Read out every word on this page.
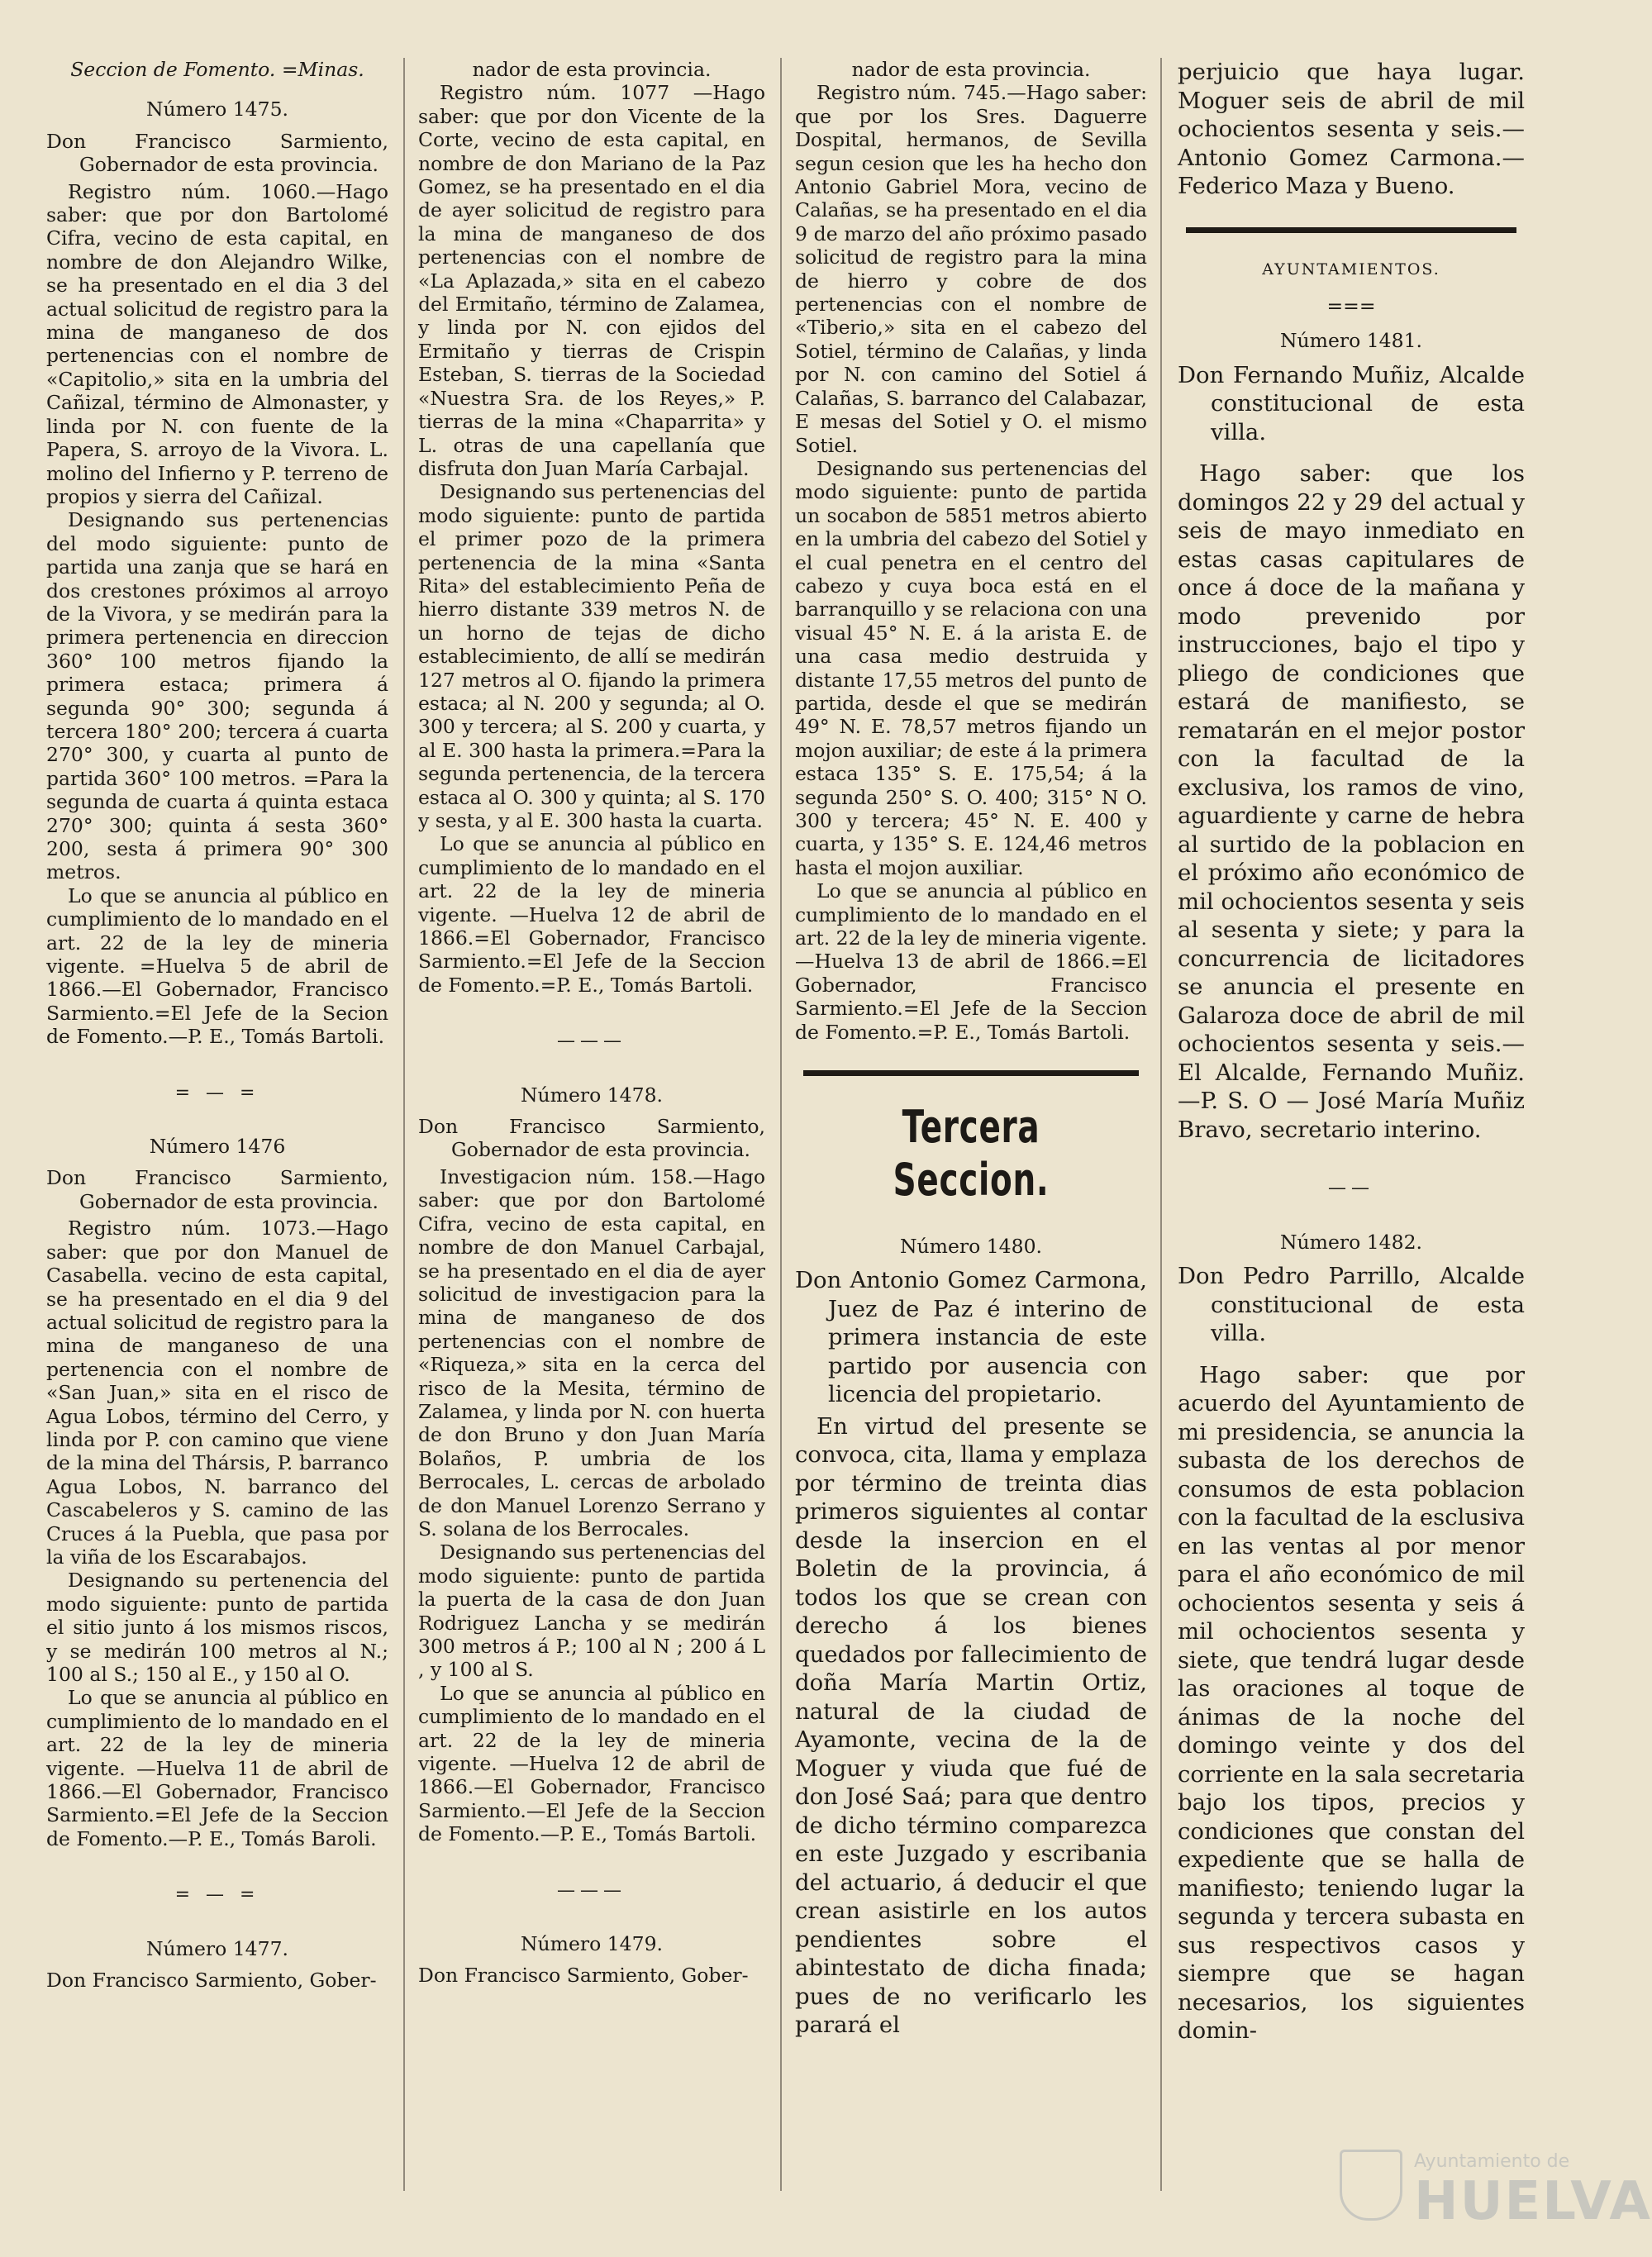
Seccion de Fomento. =Minas.
Número 1475.

Don Francisco Sarmiento, Gobernador de esta provincia.

Registro núm. 1060.—Hago saber: que por don Bartolomé Cifra, vecino de esta capital, en nombre de don Alejandro Wilke, se ha presentado en el dia 3 del actual solicitud de registro para la mina de manganeso de dos pertenencias con el nombre de «Capitolio,» sita en la umbria del Cañizal, término de Almonaster, y linda por N. con fuente de la Papera, S. arroyo de la Vivora. L. molino del Infierno y P. terreno de propios y sierra del Cañizal.

Designando sus pertenencias del modo siguiente: punto de partida una zanja que se hará en dos crestones próximos al arroyo de la Vivora, y se medirán para la primera pertenencia en direccion 360° 100 metros fijando la primera estaca; primera á segunda 90° 300; segunda á tercera 180° 200; tercera á cuarta 270° 300, y cuarta al punto de partida 360° 100 metros. =Para la segunda de cuarta á quinta estaca 270° 300; quinta á sesta 360° 200, sesta á primera 90° 300 metros.

Lo que se anuncia al público en cumplimiento de lo mandado en el art. 22 de la ley de mineria vigente. =Huelva 5 de abril de 1866.—El Gobernador, Francisco Sarmiento.=El Jefe de la Secion de Fomento.—P. E., Tomás Bartoli.

= — =
Número 1476

Don Francisco Sarmiento, Gobernador de esta provincia.

Registro núm. 1073.—Hago saber: que por don Manuel de Casabella. vecino de esta capital, se ha presentado en el dia 9 del actual solicitud de registro para la mina de manganeso de una pertenencia con el nombre de «San Juan,» sita en el risco de Agua Lobos, término del Cerro, y linda por P. con camino que viene de la mina del Thársis, P. barranco Agua Lobos, N. barranco del Cascabeleros y S. camino de las Cruces á la Puebla, que pasa por la viña de los Escarabajos.

Designando su pertenencia del modo siguiente: punto de partida el sitio junto á los mismos riscos, y se medirán 100 metros al N.; 100 al S.; 150 al E., y 150 al O.

Lo que se anuncia al público en cumplimiento de lo mandado en el art. 22 de la ley de mineria vigente. —Huelva 11 de abril de 1866.—El Gobernador, Francisco Sarmiento.=El Jefe de la Seccion de Fomento.—P. E., Tomás Baroli.

= — =
Número 1477.

Don Francisco Sarmiento, Gober-

nador de esta provincia.

Registro núm. 1077 —Hago saber: que por don Vicente de la Corte, vecino de esta capital, en nombre de don Mariano de la Paz Gomez, se ha presentado en el dia de ayer solicitud de registro para la mina de manganeso de dos pertenencias con el nombre de «La Aplazada,» sita en el cabezo del Ermitaño, término de Zalamea, y linda por N. con ejidos del Ermitaño y tierras de Crispin Esteban, S. tierras de la Sociedad «Nuestra Sra. de los Reyes,» P. tierras de la mina «Chaparrita» y L. otras de una capellanía que disfruta don Juan María Carbajal.

Designando sus pertenencias del modo siguiente: punto de partida el primer pozo de la primera pertenencia de la mina «Santa Rita» del establecimiento Peña de hierro distante 339 metros N. de un horno de tejas de dicho establecimiento, de allí se medirán 127 metros al O. fijando la primera estaca; al N. 200 y segunda; al O. 300 y tercera; al S. 200 y cuarta, y al E. 300 hasta la primera.=Para la segunda pertenencia, de la tercera estaca al O. 300 y quinta; al S. 170 y sesta, y al E. 300 hasta la cuarta.

Lo que se anuncia al público en cumplimiento de lo mandado en el art. 22 de la ley de mineria vigente. —Huelva 12 de abril de 1866.=El Gobernador, Francisco Sarmiento.=El Jefe de la Seccion de Fomento.=P. E., Tomás Bartoli.

———
Número 1478.

Don Francisco Sarmiento, Gobernador de esta provincia.

Investigacion núm. 158.—Hago saber: que por don Bartolomé Cifra, vecino de esta capital, en nombre de don Manuel Carbajal, se ha presentado en el dia de ayer solicitud de investigacion para la mina de manganeso de dos pertenencias con el nombre de «Riqueza,» sita en la cerca del risco de la Mesita, término de Zalamea, y linda por N. con huerta de don Bruno y don Juan María Bolaños, P. umbria de los Berrocales, L. cercas de arbolado de don Manuel Lorenzo Serrano y S. solana de los Berrocales.

Designando sus pertenencias del modo siguiente: punto de partida la puerta de la casa de don Juan Rodriguez Lancha y se medirán 300 metros á P.; 100 al N ; 200 á L , y 100 al S.

Lo que se anuncia al público en cumplimiento de lo mandado en el art. 22 de la ley de mineria vigente. —Huelva 12 de abril de 1866.—El Gobernador, Francisco Sarmiento.—El Jefe de la Seccion de Fomento.—P. E., Tomás Bartoli.

———
Número 1479.

Don Francisco Sarmiento, Gober-

nador de esta provincia.

Registro núm. 745.—Hago saber: que por los Sres. Daguerre Dospital, hermanos, de Sevilla segun cesion que les ha hecho don Antonio Gabriel Mora, vecino de Calañas, se ha presentado en el dia 9 de marzo del año próximo pasado solicitud de registro para la mina de hierro y cobre de dos pertenencias con el nombre de «Tiberio,» sita en el cabezo del Sotiel, término de Calañas, y linda por N. con camino del Sotiel á Calañas, S. barranco del Calabazar, E mesas del Sotiel y O. el mismo Sotiel.

Designando sus pertenencias del modo siguiente: punto de partida un socabon de 5851 metros abierto en la umbria del cabezo del Sotiel y el cual penetra en el centro del cabezo y cuya boca está en el barranquillo y se relaciona con una visual 45° N. E. á la arista E. de una casa medio destruida y distante 17,55 metros del punto de partida, desde el que se medirán 49° N. E. 78,57 metros fijando un mojon auxiliar; de este á la primera estaca 135° S. E. 175,54; á la segunda 250° S. O. 400; 315° N O. 300 y tercera; 45° N. E. 400 y cuarta, y 135° S. E. 124,46 metros hasta el mojon auxiliar.

Lo que se anuncia al público en cumplimiento de lo mandado en el art. 22 de la ley de mineria vigente. —Huelva 13 de abril de 1866.=El Gobernador, Francisco Sarmiento.=El Jefe de la Seccion de Fomento.=P. E., Tomás Bartoli.

Tercera Seccion.
Número 1480.

Don Antonio Gomez Carmona, Juez de Paz é interino de primera instancia de este partido por ausencia con licencia del propietario.

En virtud del presente se convoca, cita, llama y emplaza por término de treinta dias primeros siguientes al contar desde la insercion en el Boletin de la provincia, á todos los que se crean con derecho á los bienes quedados por fallecimiento de doña María Martin Ortiz, natural de la ciudad de Ayamonte, vecina de la de Moguer y viuda que fué de don José Saá; para que dentro de dicho término comparezca en este Juzgado y escribania del actuario, á deducir el que crean asistirle en los autos pendientes sobre el abintestato de dicha finada; pues de no verificarlo les parará el

perjuicio que haya lugar. Moguer seis de abril de mil ochocientos sesenta y seis.—Antonio Gomez Carmona.—Federico Maza y Bueno.

AYUNTAMIENTOS.
===
Número 1481.

Don Fernando Muñiz, Alcalde constitucional de esta villa.

Hago saber: que los domingos 22 y 29 del actual y seis de mayo inmediato en estas casas capitulares de once á doce de la mañana y modo prevenido por instrucciones, bajo el tipo y pliego de condiciones que estará de manifiesto, se rematarán en el mejor postor con la facultad de la exclusiva, los ramos de vino, aguardiente y carne de hebra al surtido de la poblacion en el próximo año económico de mil ochocientos sesenta y seis al sesenta y siete; y para la concurrencia de licitadores se anuncia el presente en Galaroza doce de abril de mil ochocientos sesenta y seis.—El Alcalde, Fernando Muñiz.—P. S. O — José María Muñiz Bravo, secretario interino.

——
Número 1482.

Don Pedro Parrillo, Alcalde constitucional de esta villa.

Hago saber: que por acuerdo del Ayuntamiento de mi presidencia, se anuncia la subasta de los derechos de consumos de esta poblacion con la facultad de la esclusiva en las ventas al por menor para el año económico de mil ochocientos sesenta y seis á mil ochocientos sesenta y siete, que tendrá lugar desde las oraciones al toque de ánimas de la noche del domingo veinte y dos del corriente en la sala secretaria bajo los tipos, precios y condiciones que constan del expediente que se halla de manifiesto; teniendo lugar la segunda y tercera subasta en sus respectivos casos y siempre que se hagan necesarios, los siguientes domin-

Ayuntamiento de
HUELVA
